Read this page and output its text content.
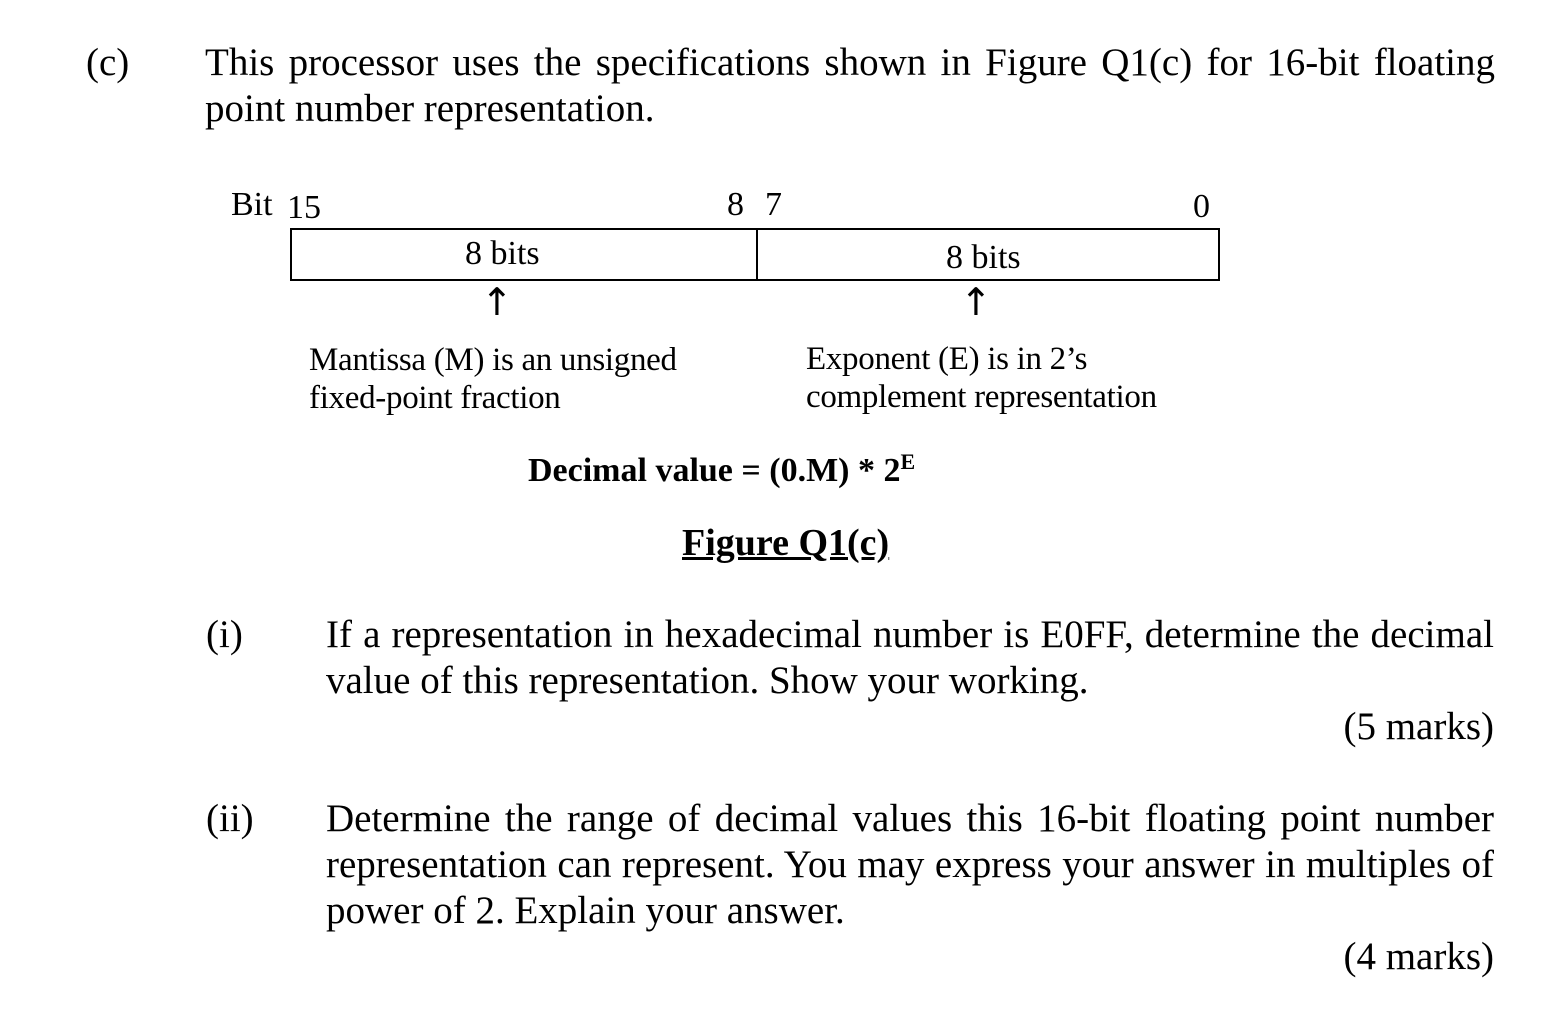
(c) This processor uses the specifications shown in Figure Q1(c) for 16-bit floating point number representation.
Bit 15	8 7	0
8 bits	8 bits
↑	↑
Mantissa (M) is an unsigned fixed-point fraction
Exponent (E) is in 2’s complement representation
Decimal value = $(0.M) * 2^E$
Figure Q1(c)
(i) If a representation in hexadecimal number is E0FF, determine the decimal value of this representation. Show your working.
(5 marks)
(ii) Determine the range of decimal values this 16-bit floating point number representation can represent. You may express your answer in multiples of power of 2. Explain your answer.
(4 marks)
